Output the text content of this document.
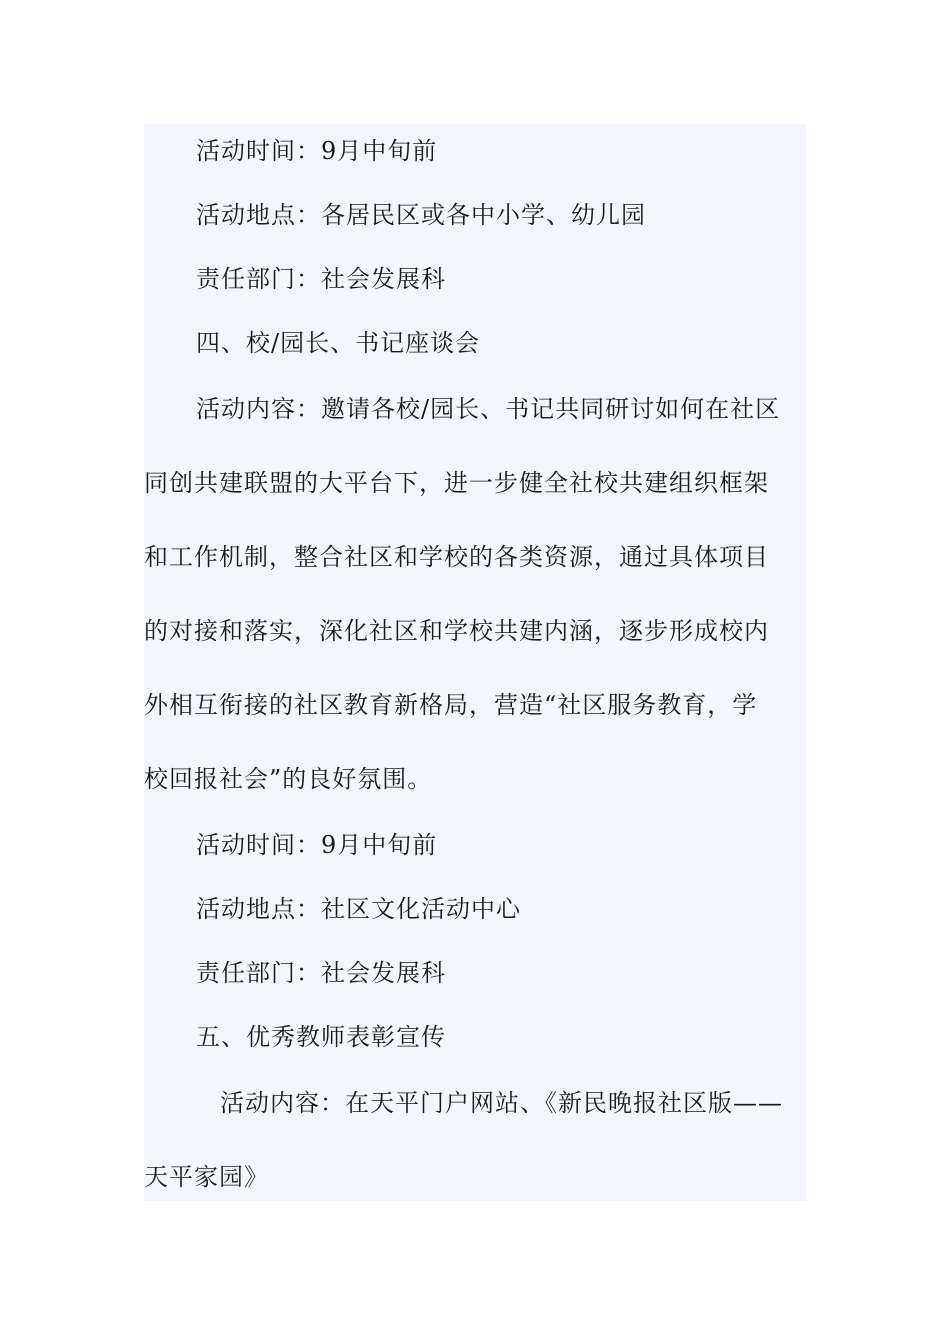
活动时间：9月中旬前
活动地点：各居民区或各中小学、幼儿园
责任部门：社会发展科
四、校/园长、书记座谈会
活动内容：邀请各校/园长、书记共同研讨如何在社区
同创共建联盟的大平台下，进一步健全社校共建组织框架
和工作机制，整合社区和学校的各类资源，通过具体项目
的对接和落实，深化社区和学校共建内涵，逐步形成校内
外相互衔接的社区教育新格局，营造“社区服务教育，学
校回报社会”的良好氛围。
活动时间：9月中旬前
活动地点：社区文化活动中心
责任部门：社会发展科
五、优秀教师表彰宣传
活动内容：在天平门户网站、《新民晚报社区版——
天平家园》
